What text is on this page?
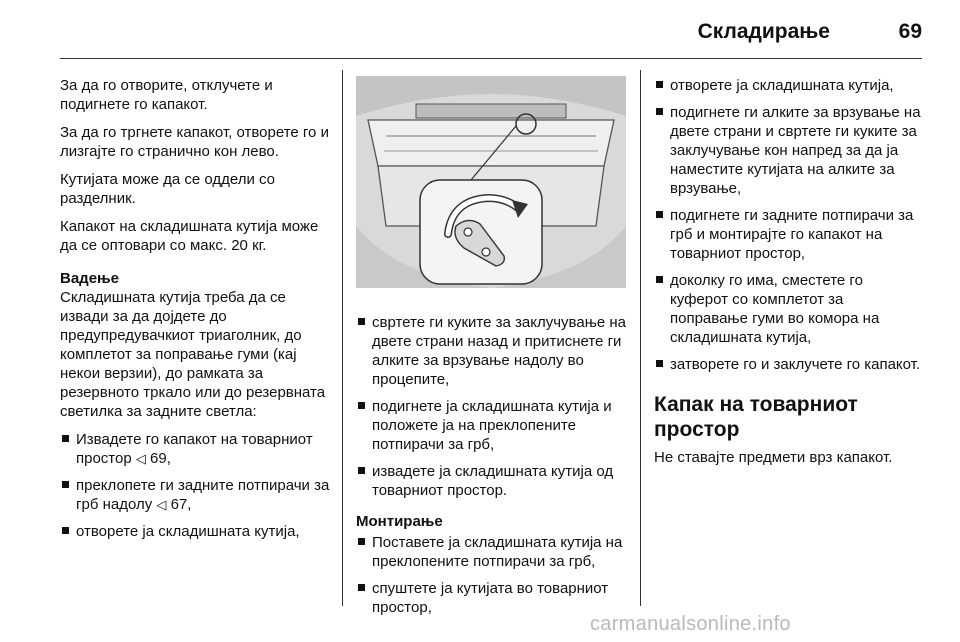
Складирање	69

За да го отворите, отклучете и подигнете го капакот.

За да го тргнете капакот, отворете го и лизгајте го странично кон лево.

Кутијата може да се оддели со разделник.

Капакот на складишната кутија може да се оптовари со макс. 20 кг.

Вадење

Складишната кутија треба да се извади за да дојдете до предупредувачкиот триаголник, до комплетот за поправање гуми (кај некои верзии), до рамката за резервното тркало или до резервната светилка за задните светла:

Извадете го капакот на товарниот простор ◁ 69,
преклопете ги задните потпирачи за грб надолу ◁ 67,
отворете ја складишната кутија,
свртете ги куките за заклучување на двете страни назад и притиснете ги алките за врзување надолу во процепите,
подигнете ја складишната кутија и положете ја на преклопените потпирачи за грб,
извадете ја складишната кутија од товарниот простор.
Монтирање
Поставете ја складишната кутија на преклопените потпирачи за грб,
спуштете ја кутијата во товарниот простор,
отворете ја складишната кутија,
подигнете ги алките за врзување на двете страни и свртете ги куките за заклучување кон напред за да ја наместите кутијата на алките за врзување,
подигнете ги задните потпирачи за грб и монтирајте го капакот на товарниот простор,
доколку го има, сместете го куферот со комплетот за поправање гуми во комора на складишната кутија,
затворете го и заклучете го капакот.
Капак на товарниот простор

Не ставајте предмети врз капакот.

carmanualsonline.info
